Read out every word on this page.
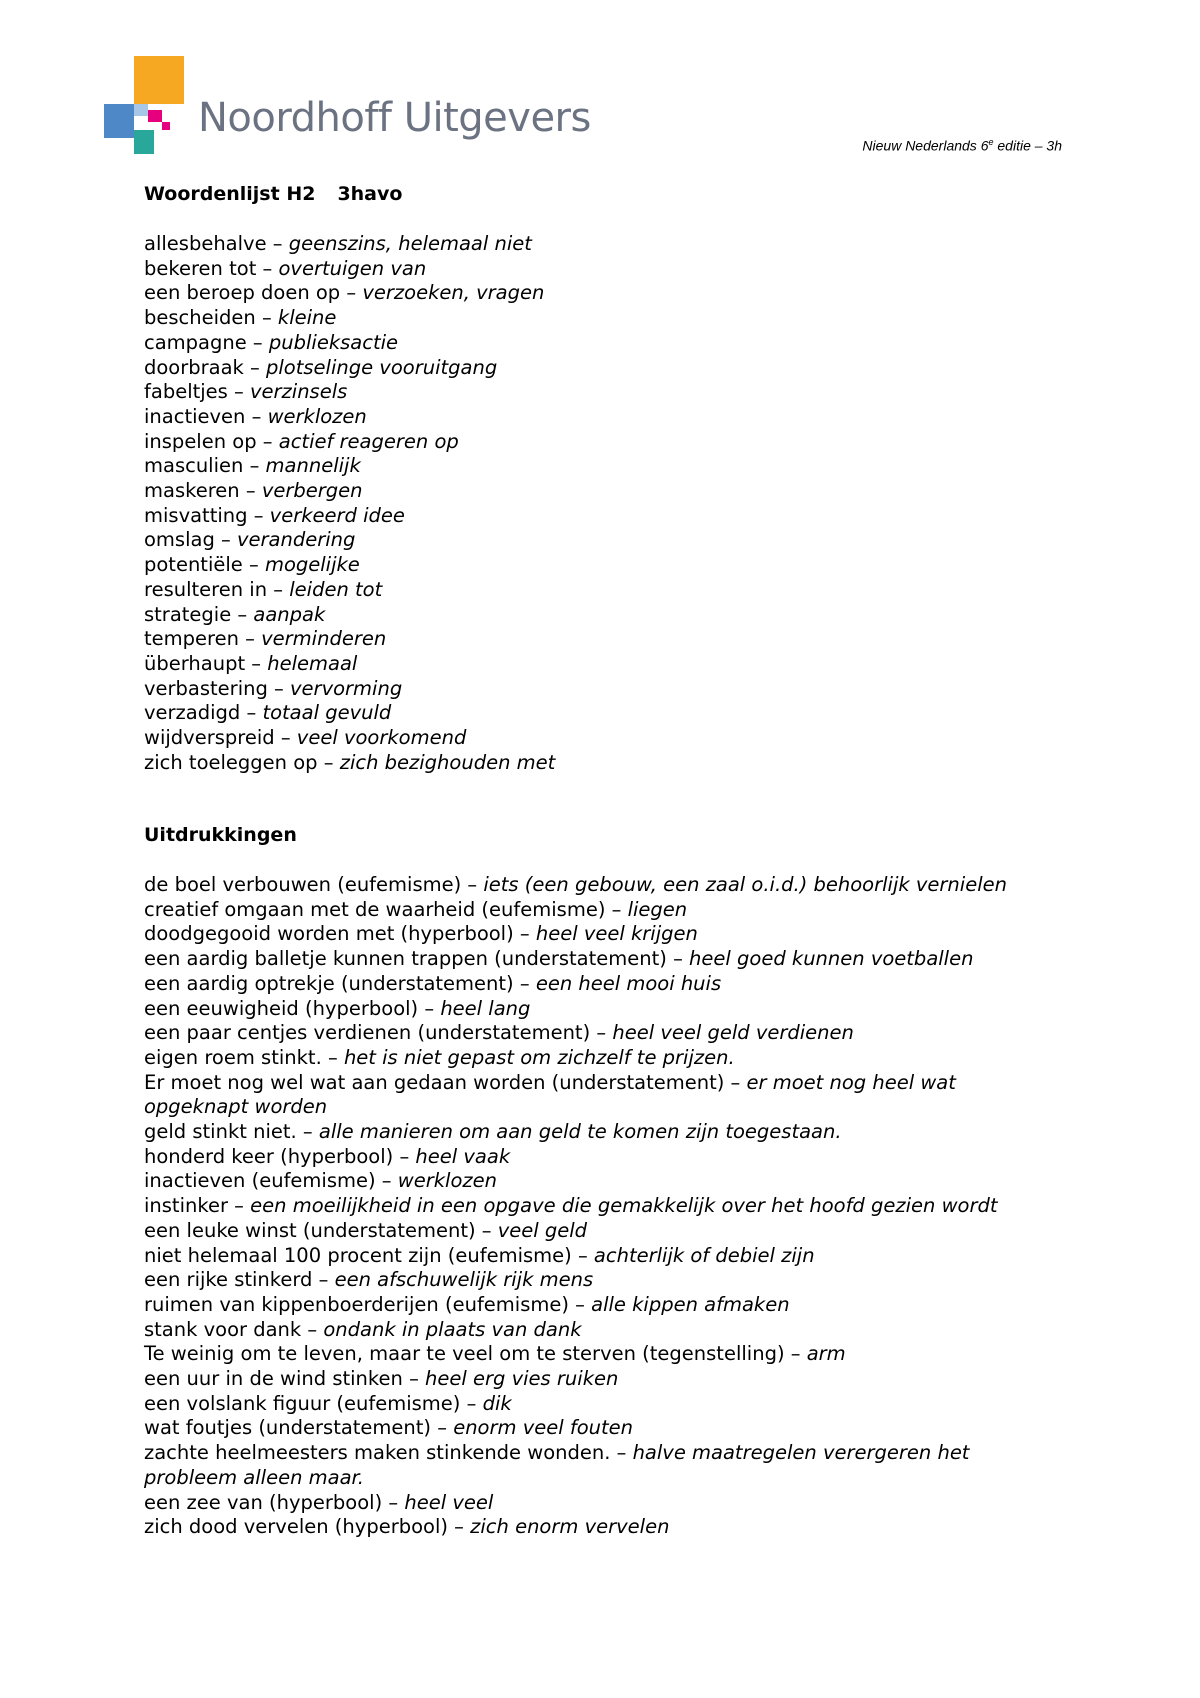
Noordhoff Uitgevers
Nieuw Nederlands 6e editie – 3h
Woordenlijst H2 3havo
allesbehalve – geenszins, helemaal niet
bekeren tot – overtuigen van
een beroep doen op – verzoeken, vragen
bescheiden – kleine
campagne – publieksactie
doorbraak – plotselinge vooruitgang
fabeltjes – verzinsels
inactieven – werklozen
inspelen op – actief reageren op
masculien – mannelijk
maskeren – verbergen
misvatting – verkeerd idee
omslag – verandering
potentiële – mogelijke
resulteren in – leiden tot
strategie – aanpak
temperen – verminderen
überhaupt – helemaal
verbastering – vervorming
verzadigd – totaal gevuld
wijdverspreid – veel voorkomend
zich toeleggen op – zich bezighouden met
Uitdrukkingen
de boel verbouwen (eufemisme) – iets (een gebouw, een zaal o.i.d.) behoorlijk vernielen
creatief omgaan met de waarheid (eufemisme) – liegen
doodgegooid worden met (hyperbool) – heel veel krijgen
een aardig balletje kunnen trappen (understatement) – heel goed kunnen voetballen
een aardig optrekje (understatement) – een heel mooi huis
een eeuwigheid (hyperbool) – heel lang
een paar centjes verdienen (understatement) – heel veel geld verdienen
eigen roem stinkt. – het is niet gepast om zichzelf te prijzen.
Er moet nog wel wat aan gedaan worden (understatement) – er moet nog heel wat opgeknapt worden
geld stinkt niet. – alle manieren om aan geld te komen zijn toegestaan.
honderd keer (hyperbool) – heel vaak
inactieven (eufemisme) – werklozen
instinker – een moeilijkheid in een opgave die gemakkelijk over het hoofd gezien wordt
een leuke winst (understatement) – veel geld
niet helemaal 100 procent zijn (eufemisme) – achterlijk of debiel zijn
een rijke stinkerd – een afschuwelijk rijk mens
ruimen van kippenboerderijen (eufemisme) – alle kippen afmaken
stank voor dank – ondank in plaats van dank
Te weinig om te leven, maar te veel om te sterven (tegenstelling) – arm
een uur in de wind stinken – heel erg vies ruiken
een volslank figuur (eufemisme) – dik
wat foutjes (understatement) – enorm veel fouten
zachte heelmeesters maken stinkende wonden. – halve maatregelen verergeren het probleem alleen maar.
een zee van (hyperbool) – heel veel
zich dood vervelen (hyperbool) – zich enorm vervelen
